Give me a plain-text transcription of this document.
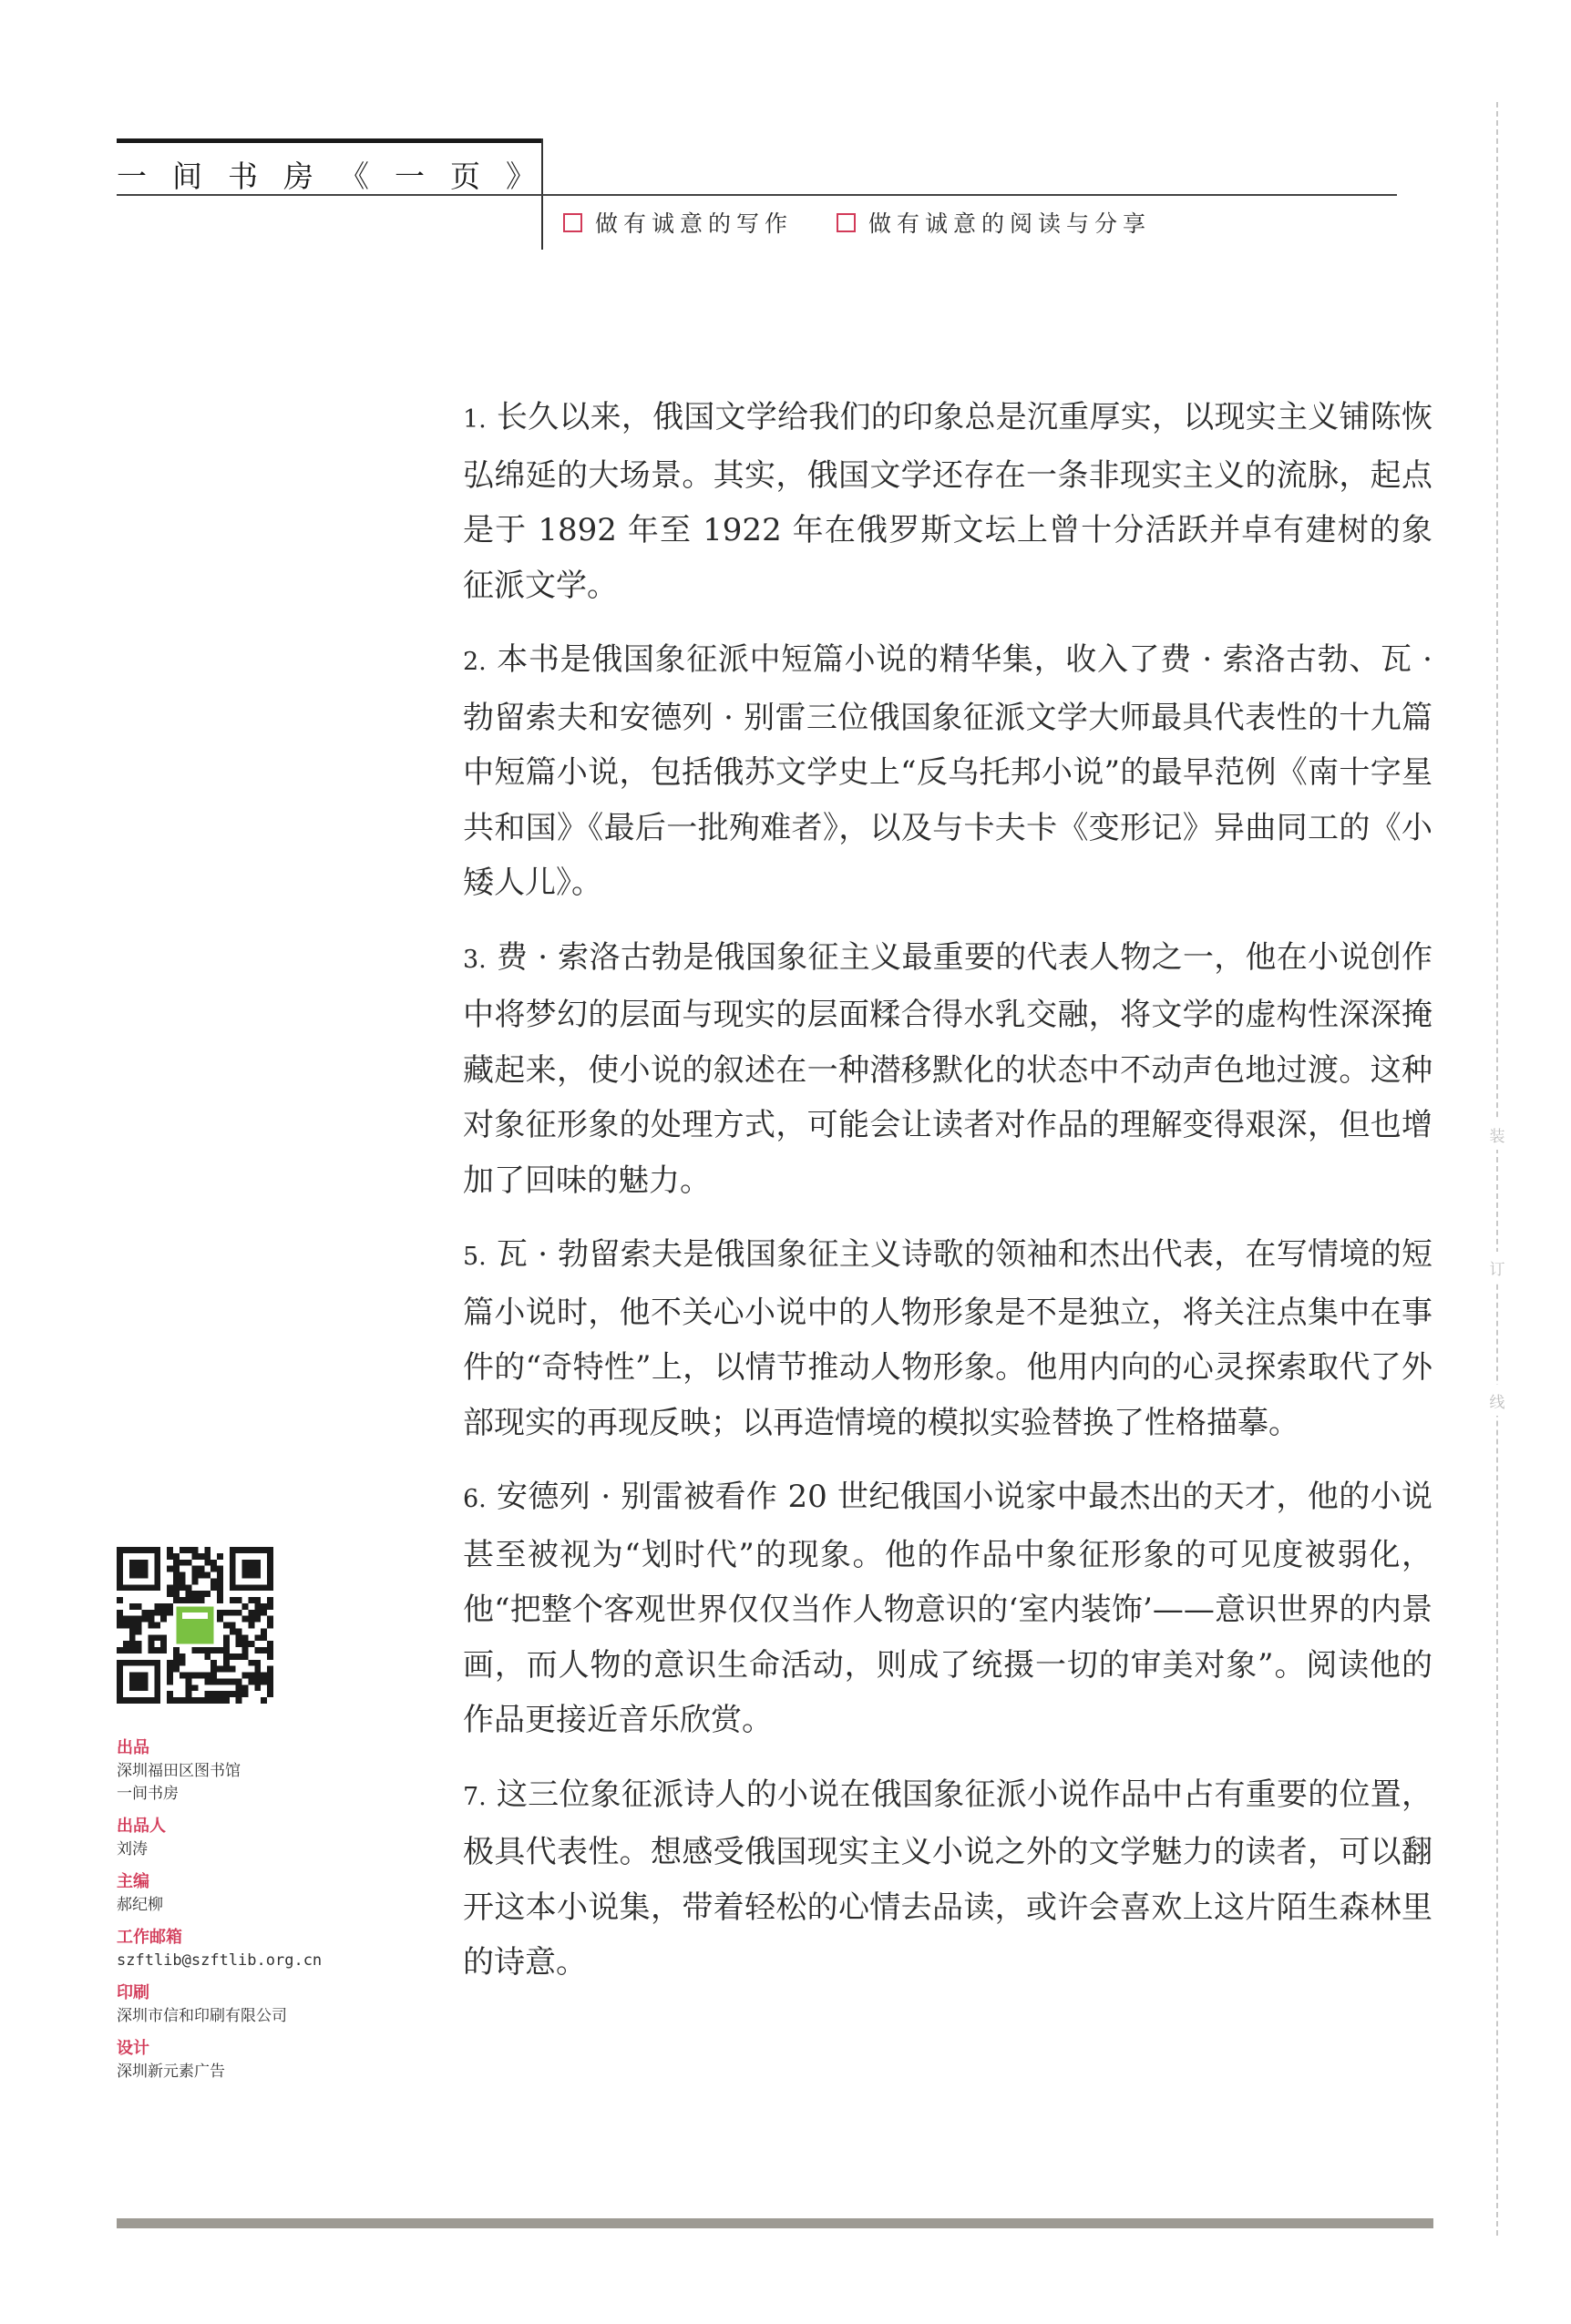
一 间 书 房 《 一 页 》
做有诚意的写作	做有诚意的阅读与分享
装
订
线

1. 长久以来，俄国文学给我们的印象总是沉重厚实，以现实主义铺陈恢弘绵延的大场景。其实，俄国文学还存在一条非现实主义的流脉，起点是于 1892 年至 1922 年在俄罗斯文坛上曾十分活跃并卓有建树的象征派文学。

2. 本书是俄国象征派中短篇小说的精华集，收入了费 · 索洛古勃、瓦 · 勃留索夫和安德列 · 别雷三位俄国象征派文学大师最具代表性的十九篇中短篇小说，包括俄苏文学史上“反乌托邦小说”的最早范例《南十字星共和国》《最后一批殉难者》，以及与卡夫卡《变形记》异曲同工的《小矮人儿》。

3. 费 · 索洛古勃是俄国象征主义最重要的代表人物之一，他在小说创作中将梦幻的层面与现实的层面糅合得水乳交融，将文学的虚构性深深掩藏起来，使小说的叙述在一种潜移默化的状态中不动声色地过渡。这种对象征形象的处理方式，可能会让读者对作品的理解变得艰深，但也增加了回味的魅力。

5. 瓦 · 勃留索夫是俄国象征主义诗歌的领袖和杰出代表，在写情境的短篇小说时，他不关心小说中的人物形象是不是独立，将关注点集中在事件的“奇特性”上，以情节推动人物形象。他用内向的心灵探索取代了外部现实的再现反映；以再造情境的模拟实验替换了性格描摹。

6. 安德列 · 别雷被看作 20 世纪俄国小说家中最杰出的天才，他的小说甚至被视为“划时代”的现象。他的作品中象征形象的可见度被弱化，他“把整个客观世界仅仅当作人物意识的‘室内装饰’——意识世界的内景画，而人物的意识生命活动，则成了统摄一切的审美对象”。阅读他的作品更接近音乐欣赏。

7. 这三位象征派诗人的小说在俄国象征派小说作品中占有重要的位置，极具代表性。想感受俄国现实主义小说之外的文学魅力的读者，可以翻开这本小说集，带着轻松的心情去品读，或许会喜欢上这片陌生森林里的诗意。

出品
深圳福田区图书馆
一间书房
出品人
刘涛
主编
郝纪柳
工作邮箱
szftlib@szftlib.org.cn
印刷
深圳市信和印刷有限公司
设计
深圳新元素广告
